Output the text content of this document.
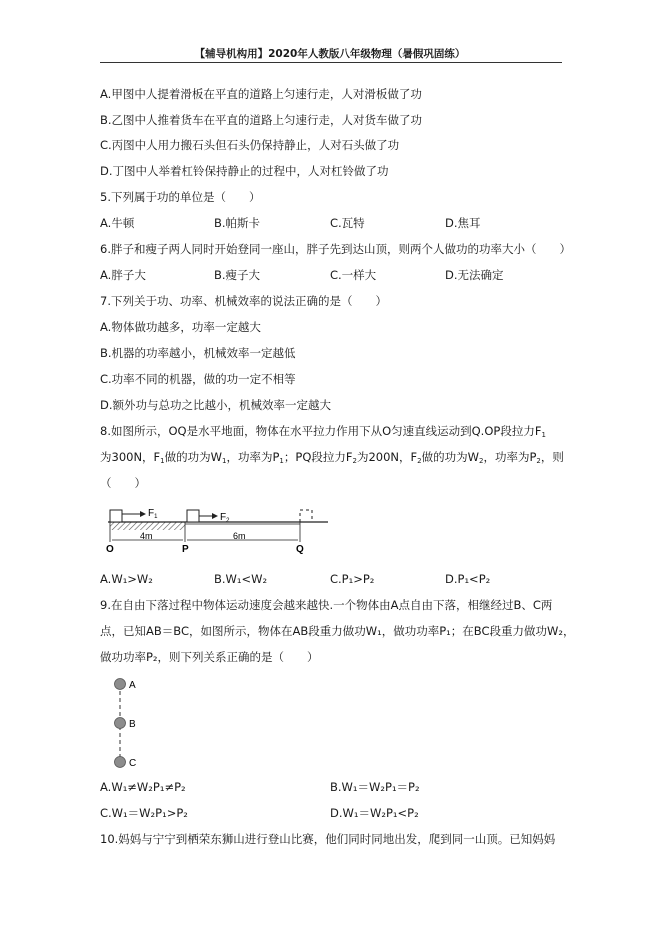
【辅导机构用】2020年人教版八年级物理（暑假巩固练）
A.甲图中人提着滑板在平直的道路上匀速行走，人对滑板做了功
B.乙图中人推着货车在平直的道路上匀速行走，人对货车做了功
C.丙图中人用力搬石头但石头仍保持静止，人对石头做了功
D.丁图中人举着杠铃保持静止的过程中，人对杠铃做了功
5.下列属于功的单位是（　　）
A.牛顿	B.帕斯卡	C.瓦特	D.焦耳
6.胖子和瘦子两人同时开始登同一座山，胖子先到达山顶，则两个人做功的功率大小（　　）
A.胖子大	B.瘦子大	C.一样大	D.无法确定
7.下列关于功、功率、机械效率的说法正确的是（　　）
A.物体做功越多，功率一定越大
B.机器的功率越小，机械效率一定越低
C.功率不同的机器，做的功一定不相等
D.额外功与总功之比越小，机械效率一定越大
8.如图所示，OQ是水平地面，物体在水平拉力作用下从O匀速直线运动到Q.OP段拉力$F_1$
为300N，$F_1$做的功为$W_1$，功率为$P_1$；PQ段拉力$F_2$为200N，$F_2$做的功为$W_2$，功率为$P_2$，则
（　　）
$F_1$	$F_2$
4m	6m
O	P	Q
A.W₁>W₂	B.W₁<W₂	C.P₁>P₂	D.P₁<P₂
9.在自由下落过程中物体运动速度会越来越快.一个物体由A点自由下落，相继经过B、C两
点，已知AB＝BC，如图所示，物体在AB段重力做功W₁，做功功率P₁；在BC段重力做功W₂，
做功功率P₂，则下列关系正确的是（　　）
A
B
C
A.W₁≠W₂P₁≠P₂	B.W₁＝W₂P₁＝P₂
C.W₁＝W₂P₁>P₂	D.W₁＝W₂P₁<P₂
10.妈妈与宁宁到栖荣东狮山进行登山比赛，他们同时同地出发，爬到同一山顶。已知妈妈
